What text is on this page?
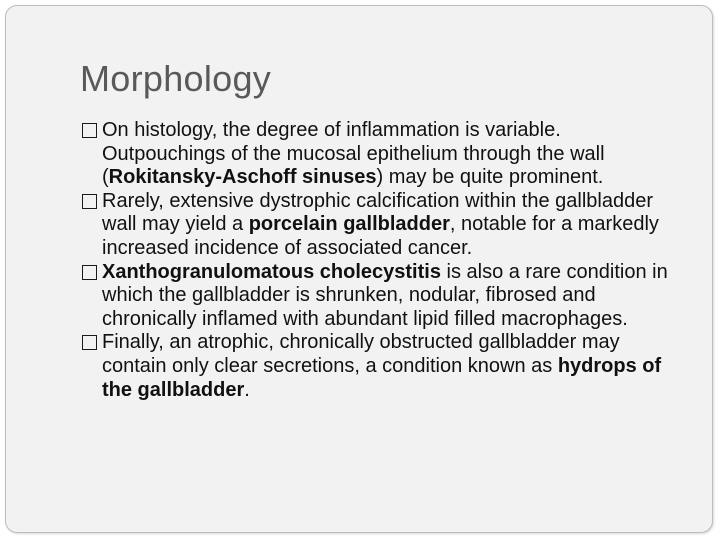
Morphology
On histology, the degree of inflammation is variable. Outpouchings of the mucosal epithelium through the wall (Rokitansky-Aschoff sinuses) may be quite prominent.
Rarely, extensive dystrophic calcification within the gallbladder wall may yield a porcelain gallbladder, notable for a markedly increased incidence of associated cancer.
Xanthogranulomatous cholecystitis is also a rare condition in which the gallbladder is shrunken, nodular, fibrosed and chronically inflamed with abundant lipid filled macrophages.
Finally, an atrophic, chronically obstructed gallbladder may contain only clear secretions, a condition known as hydrops of the gallbladder.
